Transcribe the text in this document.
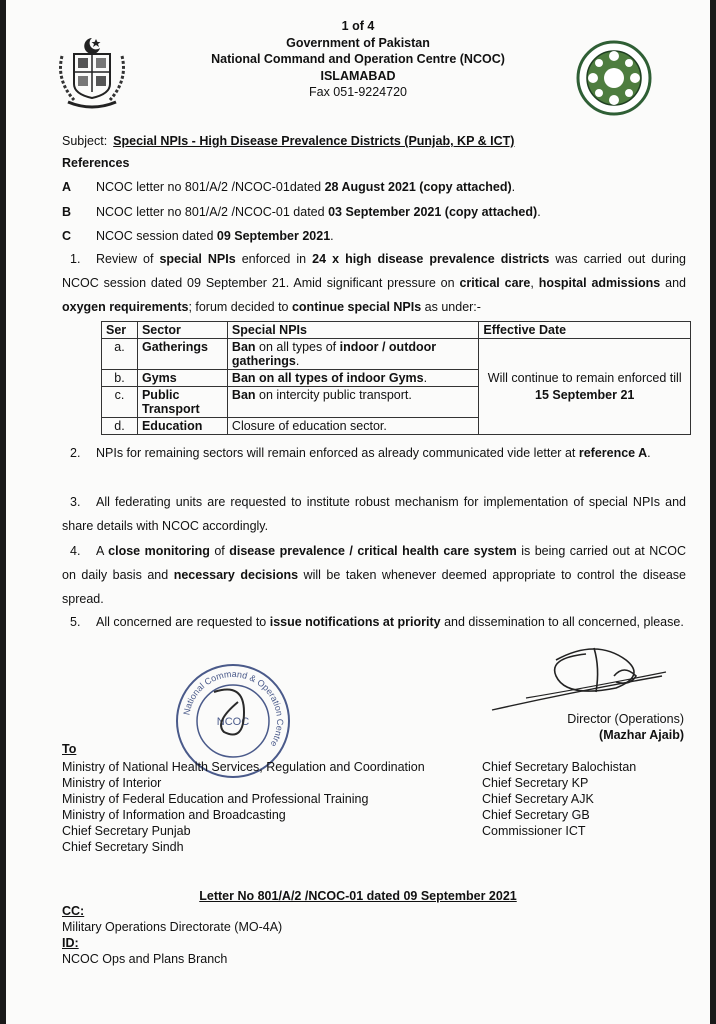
1 of 4
Government of Pakistan
National Command and Operation Centre (NCOC)
ISLAMABAD
Fax 051-9224720
Subject: Special NPIs - High Disease Prevalence Districts (Punjab, KP & ICT)
References
A NCOC letter no 801/A/2 /NCOC-01dated 28 August 2021 (copy attached).
B NCOC letter no 801/A/2 /NCOC-01 dated 03 September 2021 (copy attached).
C NCOC session dated 09 September 2021.
1. Review of special NPIs enforced in 24 x high disease prevalence districts was carried out during NCOC session dated 09 September 21. Amid significant pressure on critical care, hospital admissions and oxygen requirements; forum decided to continue special NPIs as under:-
Ser	Sector	Special NPIs	Effective Date
a.	Gatherings	Ban on all types of indoor / outdoor gatherings.	Will continue to remain enforced till 15 September 21
b.	Gyms	Ban on all types of indoor Gyms.	
c.	Public Transport	Ban on intercity public transport.	
d.	Education	Closure of education sector.	
2. NPIs for remaining sectors will remain enforced as already communicated vide letter at reference A.
3. All federating units are requested to institute robust mechanism for implementation of special NPIs and share details with NCOC accordingly.
4. A close monitoring of disease prevalence / critical health care system is being carried out at NCOC on daily basis and necessary decisions will be taken whenever deemed appropriate to control the disease spread.
5. All concerned are requested to issue notifications at priority and dissemination to all concerned, please.
National Command & Operation Centre
NCOC	Director (Operations)
(Mazhar Ajaib)
To
Ministry of National Health Services, Regulation and Coordination
Ministry of Interior
Ministry of Federal Education and Professional Training
Ministry of Information and Broadcasting
Chief Secretary Punjab
Chief Secretary Sindh
Chief Secretary Balochistan
Chief Secretary KP
Chief Secretary AJK
Chief Secretary GB
Commissioner ICT
Letter No 801/A/2 /NCOC-01 dated 09 September 2021
CC:
Military Operations Directorate (MO-4A)
ID:
NCOC Ops and Plans Branch
